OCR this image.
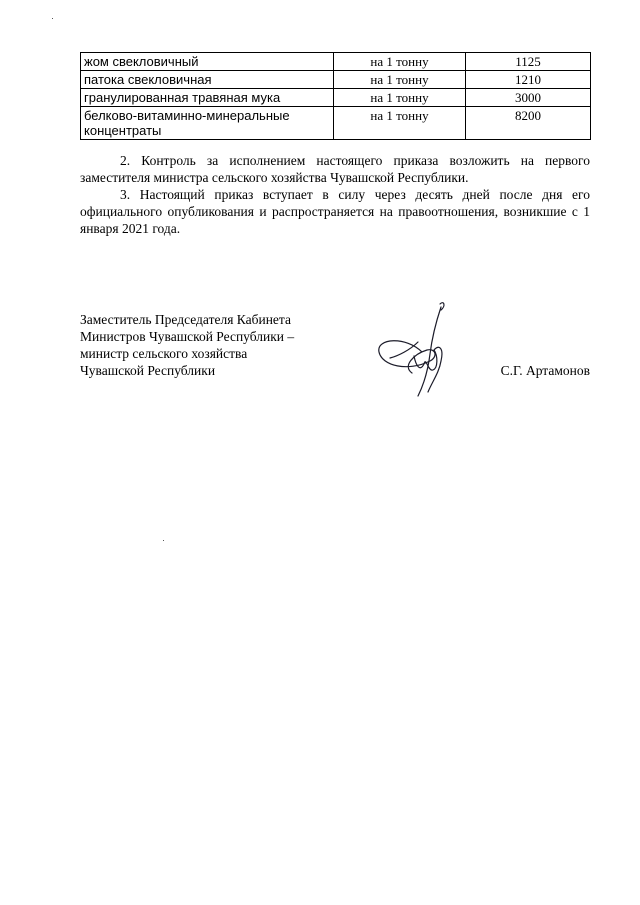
жом свекловичный	на 1 тонну	1125
патока свекловичная	на 1 тонну	1210
гранулированная травяная мука	на 1 тонну	3000
белково-витаминно-минеральные концентраты	на 1 тонну	8200

2. Контроль за исполнением настоящего приказа возложить на первого заместителя министра сельского хозяйства Чувашской Республики.

3. Настоящий приказ вступает в силу через десять дней после дня его официального опубликования и распространяется на правоотношения, возникшие с 1 января 2021 года.

Заместитель Председателя Кабинета
Министров Чувашской Республики –
министр сельского хозяйства
Чувашской Республики	С.Г. Артамонов
